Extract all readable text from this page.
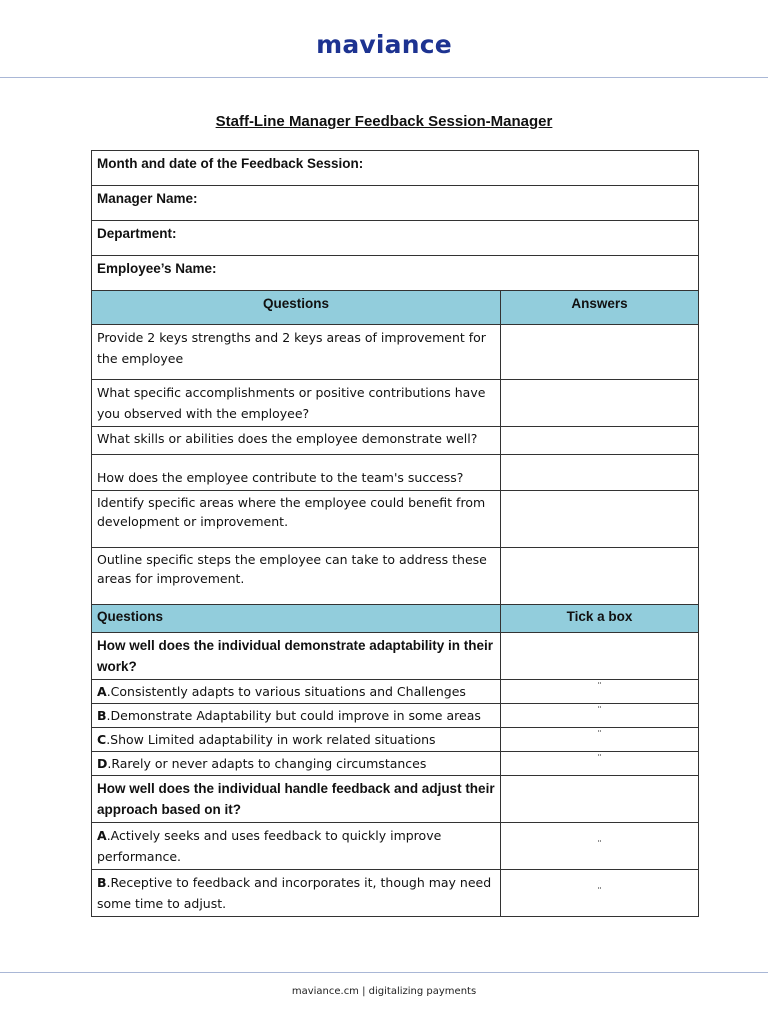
maviance
Staff-Line Manager Feedback Session-Manager
Month and date of the Feedback Session:	
Manager Name:	
Department:	
Employee’s Name:	
Questions	Answers
Provide 2 keys strengths and 2 keys areas of improvement for the employee	
What specific accomplishments or positive contributions have you observed with the employee?	
What skills or abilities does the employee demonstrate well?	
How does the employee contribute to the team's success?	
Identify specific areas where the employee could benefit from development or improvement.	
Outline specific steps the employee can take to address these areas for improvement.	
Questions	Tick a box
How well does the individual demonstrate adaptability in their work?	
A.Consistently adapts to various situations and Challenges	¨
B.Demonstrate Adaptability but could improve in some areas	¨
C.Show Limited adaptability in work related situations	¨
D.Rarely or never adapts to changing circumstances	¨
How well does the individual handle feedback and adjust their approach based on it?	
A.Actively seeks and uses feedback to quickly improve performance.	¨
B.Receptive to feedback and incorporates it, though may need some time to adjust.	¨
maviance.cm | digitalizing payments
